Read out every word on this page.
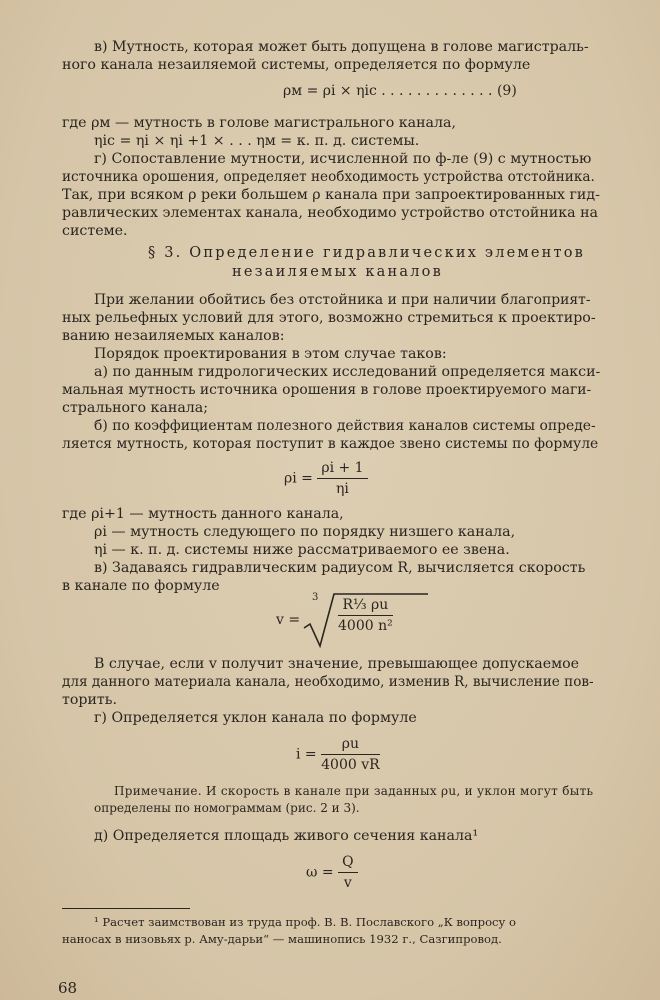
в) Мутность, которая может быть допущена в голове магистраль-
ного канала незаиляемой системы, определяется по формуле
ρм = ρі × ηіс . . . . . . . . . . . . . (9)
где ρм — мутность в голове магистрального канала,
ηіс = ηі × ηі +1 × . . . ηм = к. п. д. системы.
г) Сопоставление мутности, исчисленной по ф-ле (9) с мутностью
источника орошения, определяет необходимость устройства отстойника.
Так, при всяком ρ реки большем ρ канала при запроектированных гид-
равлических элементах канала, необходимо устройство отстойника на
системе.
§ 3. Определение гидравлических элементов
незаиляемых каналов
При желании обойтись без отстойника и при наличии благоприят-
ных рельефных условий для этого, возможно стремиться к проектиро-
ванию незаиляемых каналов:
Порядок проектирования в этом случае таков:
а) по данным гидрологических исследований определяется макси-
мальная мутность источника орошения в голове проектируемого маги-
стрального канала;
б) по коэффициентам полезного действия каналов системы опреде-
ляется мутность, которая поступит в каждое звено системы по формуле
$\rho і = \frac{\rho і + 1}{\eta і}$
где ρі+1 — мутность данного канала,
ρі — мутность следующего по порядку низшего канала,
ηі — к. п. д. системы ниже рассматриваемого ее звена.
в) Задаваясь гидравлическим радиусом R, вычисляется скорость
в канале по формуле
v =
$3 \frac{\text{R⅓ ρu}}{\text{4000 n²}}$
В случае, если v получит значение, превышающее допускаемое
для данного материала канала, необходимо, изменив R, вычисление пов-
торить.
г) Определяется уклон канала по формуле
$i = \frac{\rho u}{4000 vR}$
Примечание. И скорость в канале при заданных ρu, и уклон могут быть
определены по номограммам (рис. 2 и 3).
д) Определяется площадь живого сечения канала¹
$\omega = \frac{Q}{v}$
¹ Расчет заимствован из труда проф. В. В. Пославского „К вопросу о
наносах в низовьях р. Аму-дарьи“ — машинопись 1932 г., Сазгипровод.
68
